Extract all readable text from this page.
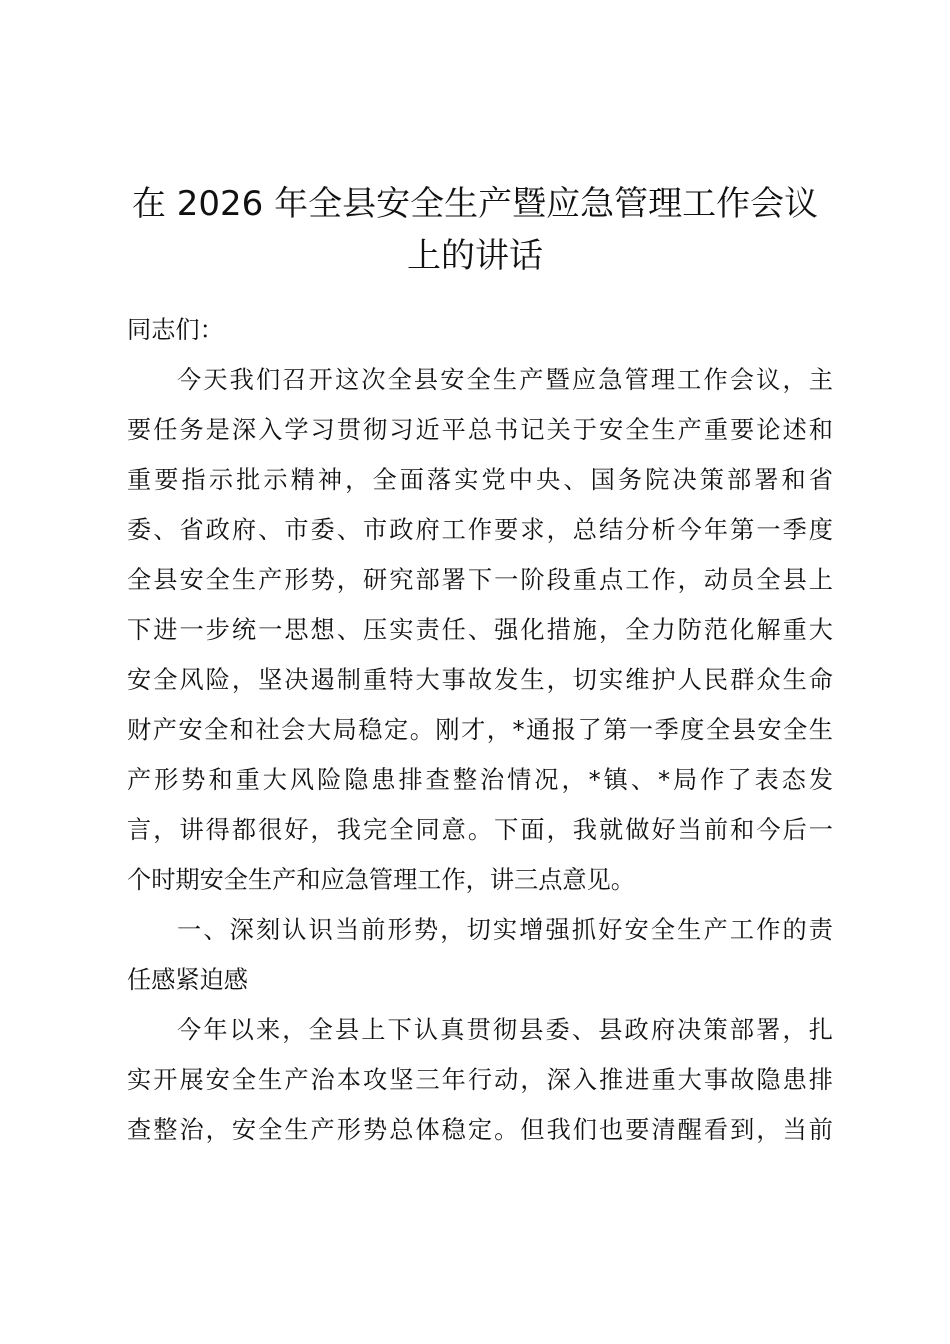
在 2026 年全县安全生产暨应急管理工作会议
上的讲话
同志们：
今天我们召开这次全县安全生产暨应急管理工作会议，主
要任务是深入学习贯彻习近平总书记关于安全生产重要论述和
重要指示批示精神，全面落实党中央、国务院决策部署和省
委、省政府、市委、市政府工作要求，总结分析今年第一季度
全县安全生产形势，研究部署下一阶段重点工作，动员全县上
下进一步统一思想、压实责任、强化措施，全力防范化解重大
安全风险，坚决遏制重特大事故发生，切实维护人民群众生命
财产安全和社会大局稳定。刚才，*通报了第一季度全县安全生
产形势和重大风险隐患排查整治情况，*镇、*局作了表态发
言，讲得都很好，我完全同意。下面，我就做好当前和今后一
个时期安全生产和应急管理工作，讲三点意见。
一、深刻认识当前形势，切实增强抓好安全生产工作的责
任感紧迫感
今年以来，全县上下认真贯彻县委、县政府决策部署，扎
实开展安全生产治本攻坚三年行动，深入推进重大事故隐患排
查整治，安全生产形势总体稳定。但我们也要清醒看到，当前
